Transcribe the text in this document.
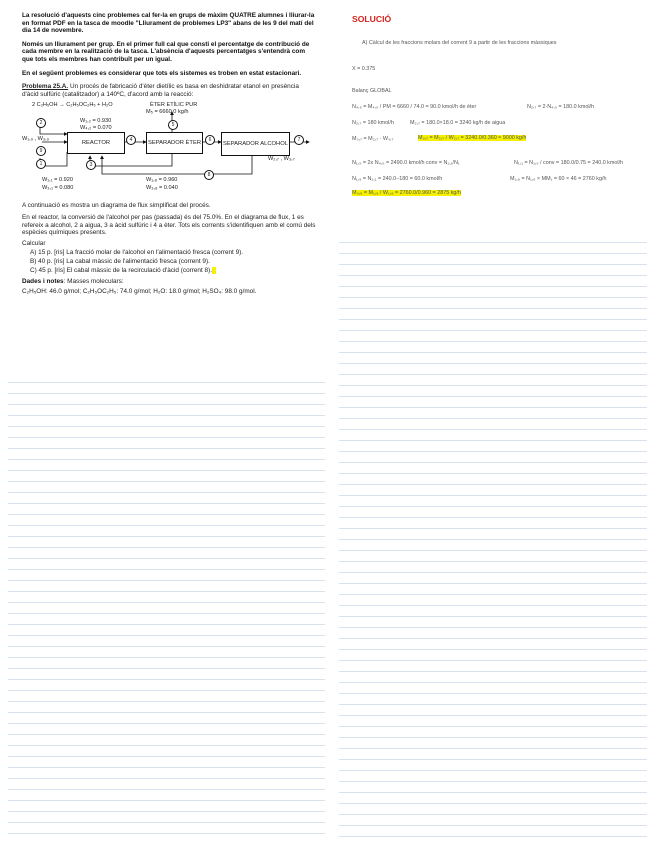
La resolució d'aquests cinc problemes cal fer-la en grups de màxim QUATRE alumnes i lliurar-la en format PDF en la tasca de moodle "Lliurament de problemes LP3" abans de les 9 del matí del dia 14 de novembre.

Només un lliurament per grup. En el primer full cal que consti el percentatge de contribució de cada membre en la realització de la tasca. L'absència d'aquests percentatges s'entendrà com que tots els membres han contribuït per un igual.

En el següent problemes es considerar que tots els sistemes es troben en estat estacionari.

Problema 25.A. Un procés de fabricació d'èter dietílic es basa en deshidratar etanol en presència d'àcid sulfúric (catalitzador) a 140ºC, d'acord amb la reacció:

2 C₂H₅OH → C₂H₅OC₂H₅ + H₂O	ÈTER ETÍLIC PUR
M₅ = 6660.0 kg/h
REACTOR	SEPARADOR ÈTER	SEPARADOR ALCOHOL
W₁,₂ = 0.930
W₄,₂ = 0.070
W₁,₉ , W₃,₉
W₂,₇ , W₃,₇
W₁,₁ = 0.920
W₃,₁ = 0.080
W₁,₈ = 0.960
W₃,₈ = 0.040
2
4
5
6	7
9
1	3
8

A continuació es mostra un diagrama de flux simplificat del procés.

En el reactor, la conversió de l'alcohol per pas (passada) és del 75.0%. En el diagrama de flux, 1 es refereix a alcohol, 2 a aigua, 3 a àcid sulfúric i 4 a èter. Tots els corrents s'identifiquen amb el comú dels espècies químiques presents.

Calcular
A) 15 p. [ris] La fracció molar de l'alcohol en l'alimentació fresca (corrent 9).
B) 40 p. [ris] La cabal màssic de l'alimentació fresca (corrent 9).
C) 45 p. [ris] El cabal màssic de la recirculació d'àcid (corrent 8).
Dades i notes: Masses moleculars:
C₂H₅OH: 46.0 g/mol; C₂H₅OC₂H₅: 74.0 g/mol; H₂O: 18.0 g/mol; H₂SO₄: 98.0 g/mol.
SOLUCIÓ
A) Càlcul de les fraccions molars del corrent 9 a partir de les fraccions màssiques
X = 0.375
Balanç GLOBAL
N₄,₅ = M₄,₅ / PM = 6660 / 74.0 = 90.0 kmol/h de èter	N₂,₇ = 2·N₄,₅ = 180.0 kmol/h
N₂,₇ = 180 kmol/h	M₂,₇ = 180.0×18.0 = 3240 kg/h de aigua
M₃,₇ = M₂,₇ · W₃,₇	M₃,₇ = M₂,₇ / W₂,₇ = 3240.0/0.360 ≈ 9000 kg/h
N₁,₅ = 2x N₄,₅ = 2490.0 kmol/h conv = N₁,₁/N₁	N₁,₁ = N₁,₅ / conv = 180.0/0.75 = 240.0 kmol/h
N₁,₉ = N₁,₁ = 240.0−180 = 60.0 kmol/h	M₁,₉ = N₁,₉ × MM₁ = 60 × 46 = 2760 kg/h
M₃,₉ = M₁,₉ / W₁,₉ = 2760.0/0.960 = 2875 kg/h
